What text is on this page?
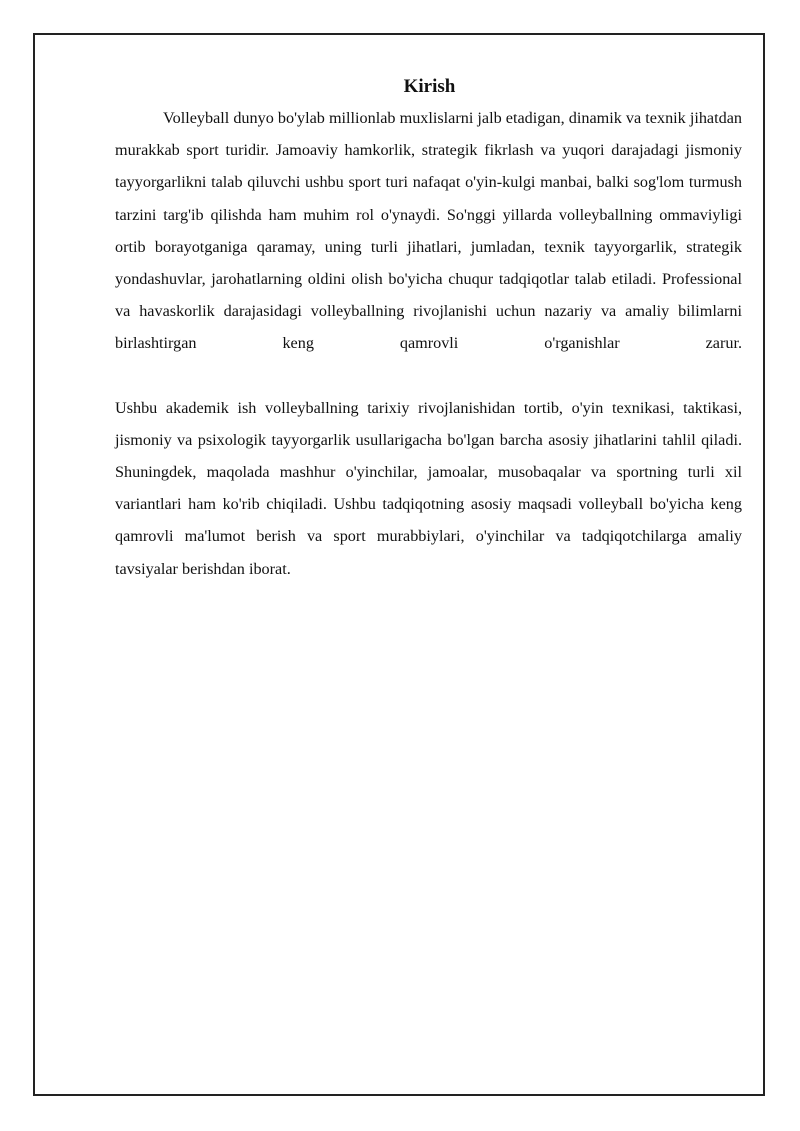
Kirish

Volleyball dunyo bo'ylab millionlab muxlislarni jalb etadigan, dinamik va texnik jihatdan murakkab sport turidir. Jamoaviy hamkorlik, strategik fikrlash va yuqori darajadagi jismoniy tayyorgarlikni talab qiluvchi ushbu sport turi nafaqat o'yin-kulgi manbai, balki sog'lom turmush tarzini targ'ib qilishda ham muhim rol o'ynaydi. So'nggi yillarda volleyballning ommaviyligi ortib borayotganiga qaramay, uning turli jihatlari, jumladan, texnik tayyorgarlik, strategik yondashuvlar, jarohatlarning oldini olish bo'yicha chuqur tadqiqotlar talab etiladi. Professional va havaskorlik darajasidagi volleyballning rivojlanishi uchun nazariy va amaliy bilimlarni birlashtirgan keng qamrovli o'rganishlar zarur.

Ushbu akademik ish volleyballning tarixiy rivojlanishidan tortib, o'yin texnikasi, taktikasi, jismoniy va psixologik tayyorgarlik usullarigacha bo'lgan barcha asosiy jihatlarini tahlil qiladi. Shuningdek, maqolada mashhur o'yinchilar, jamoalar, musobaqalar va sportning turli xil variantlari ham ko'rib chiqiladi. Ushbu tadqiqotning asosiy maqsadi volleyball bo'yicha keng qamrovli ma'lumot berish va sport murabbiylari, o'yinchilar va tadqiqotchilarga amaliy tavsiyalar berishdan iborat.
